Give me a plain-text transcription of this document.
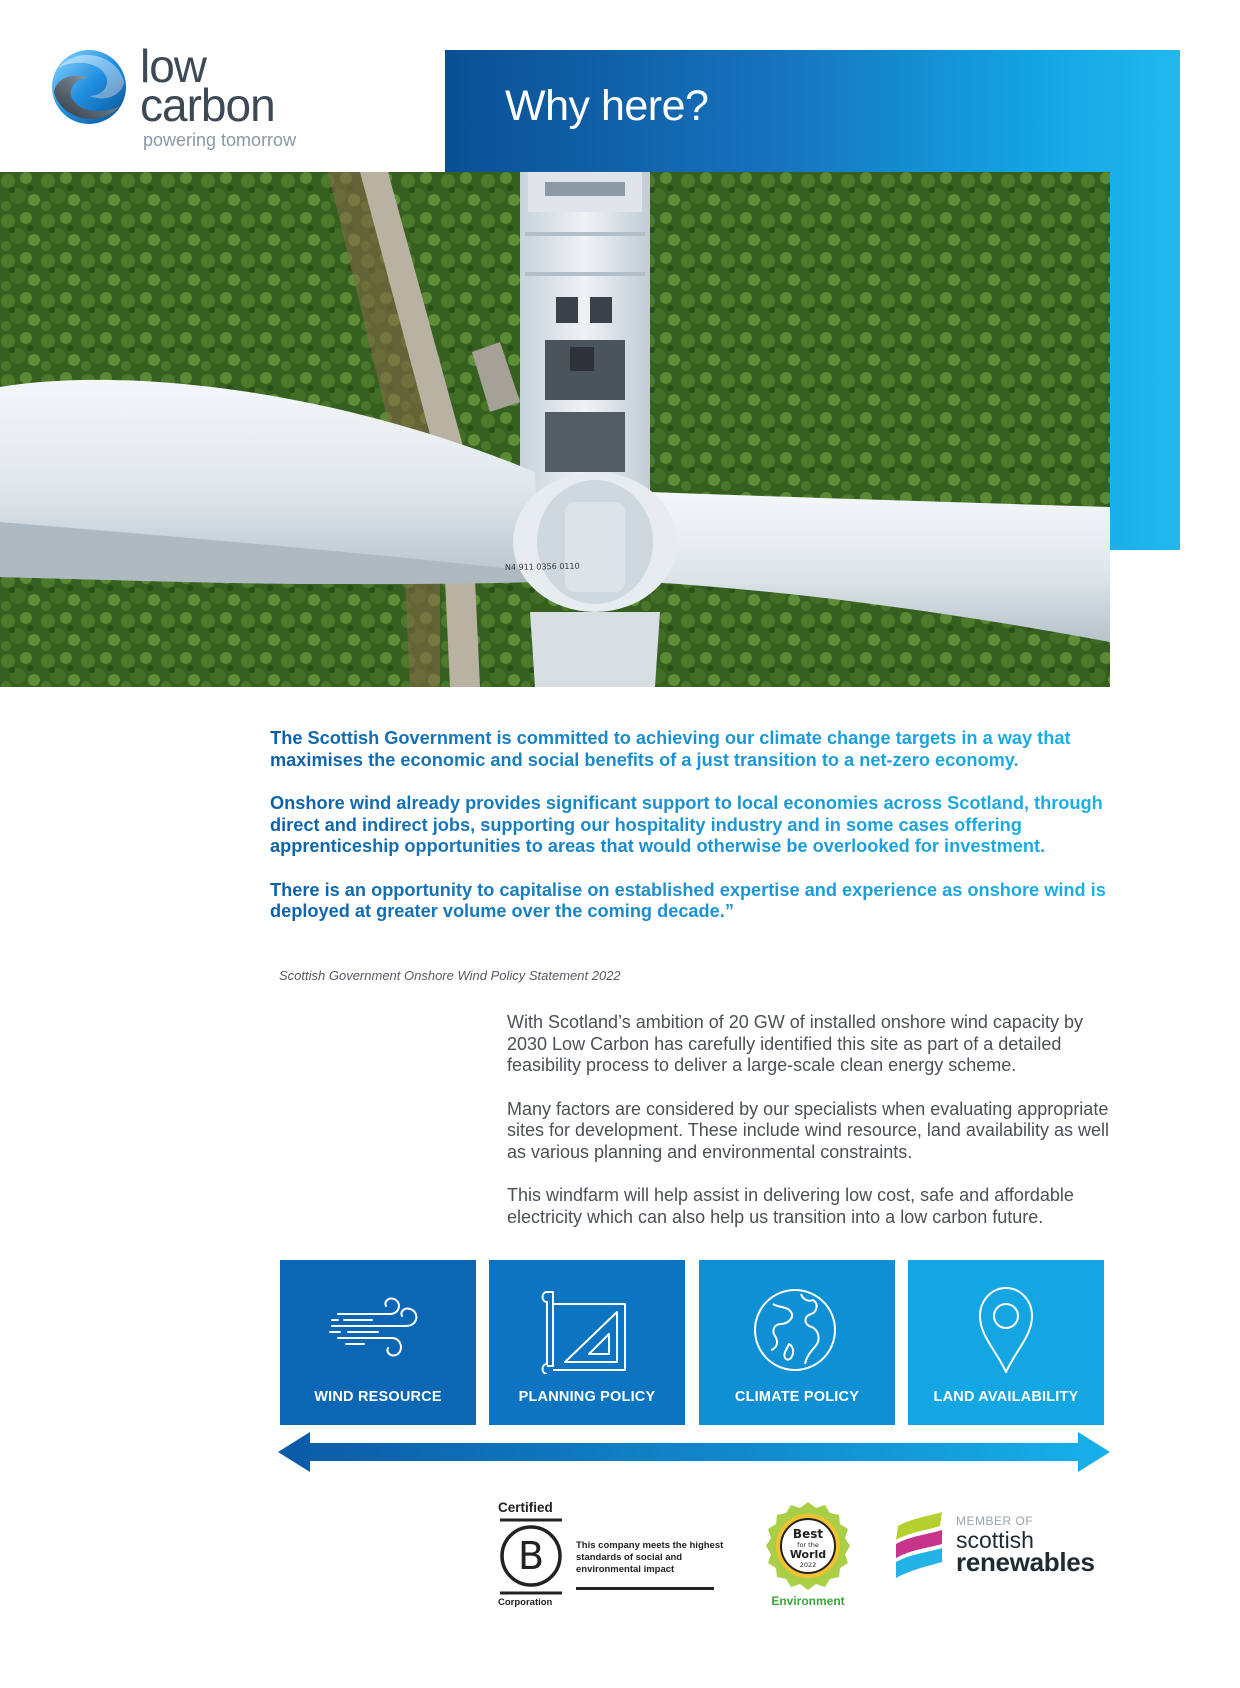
low
carbon
powering tomorrow
N4 911 0356 0110
Why here?

“The Scottish Government is committed to achieving our climate change targets in a way that maximises the economic and social benefits of a just transition to a net-zero economy.

Onshore wind already provides significant support to local economies across Scotland, through direct and indirect jobs, supporting our hospitality industry and in some cases offering apprenticeship opportunities to areas that would otherwise be overlooked for investment.

There is an opportunity to capitalise on established expertise and experience as onshore wind is deployed at greater volume over the coming decade.”

Scottish Government Onshore Wind Policy Statement 2022

With Scotland’s ambition of 20 GW of installed onshore wind capacity by 2030 Low Carbon has carefully identified this site as part of a detailed feasibility process to deliver a large-scale clean energy scheme.

Many factors are considered by our specialists when evaluating appropriate sites for development. These include wind resource, land availability as well as various planning and environmental constraints.

This windfarm will help assist in delivering low cost, safe and affordable electricity which can also help us transition into a low carbon future.

WIND RESOURCE	PLANNING POLICY	CLIMATE POLICY	LAND AVAILABILITY
Certified
B
Corporation
This company meets the highest standards of social and environmental impact
Best
for the
World
2022
Environment
MEMBER OF
scottish
renewables
